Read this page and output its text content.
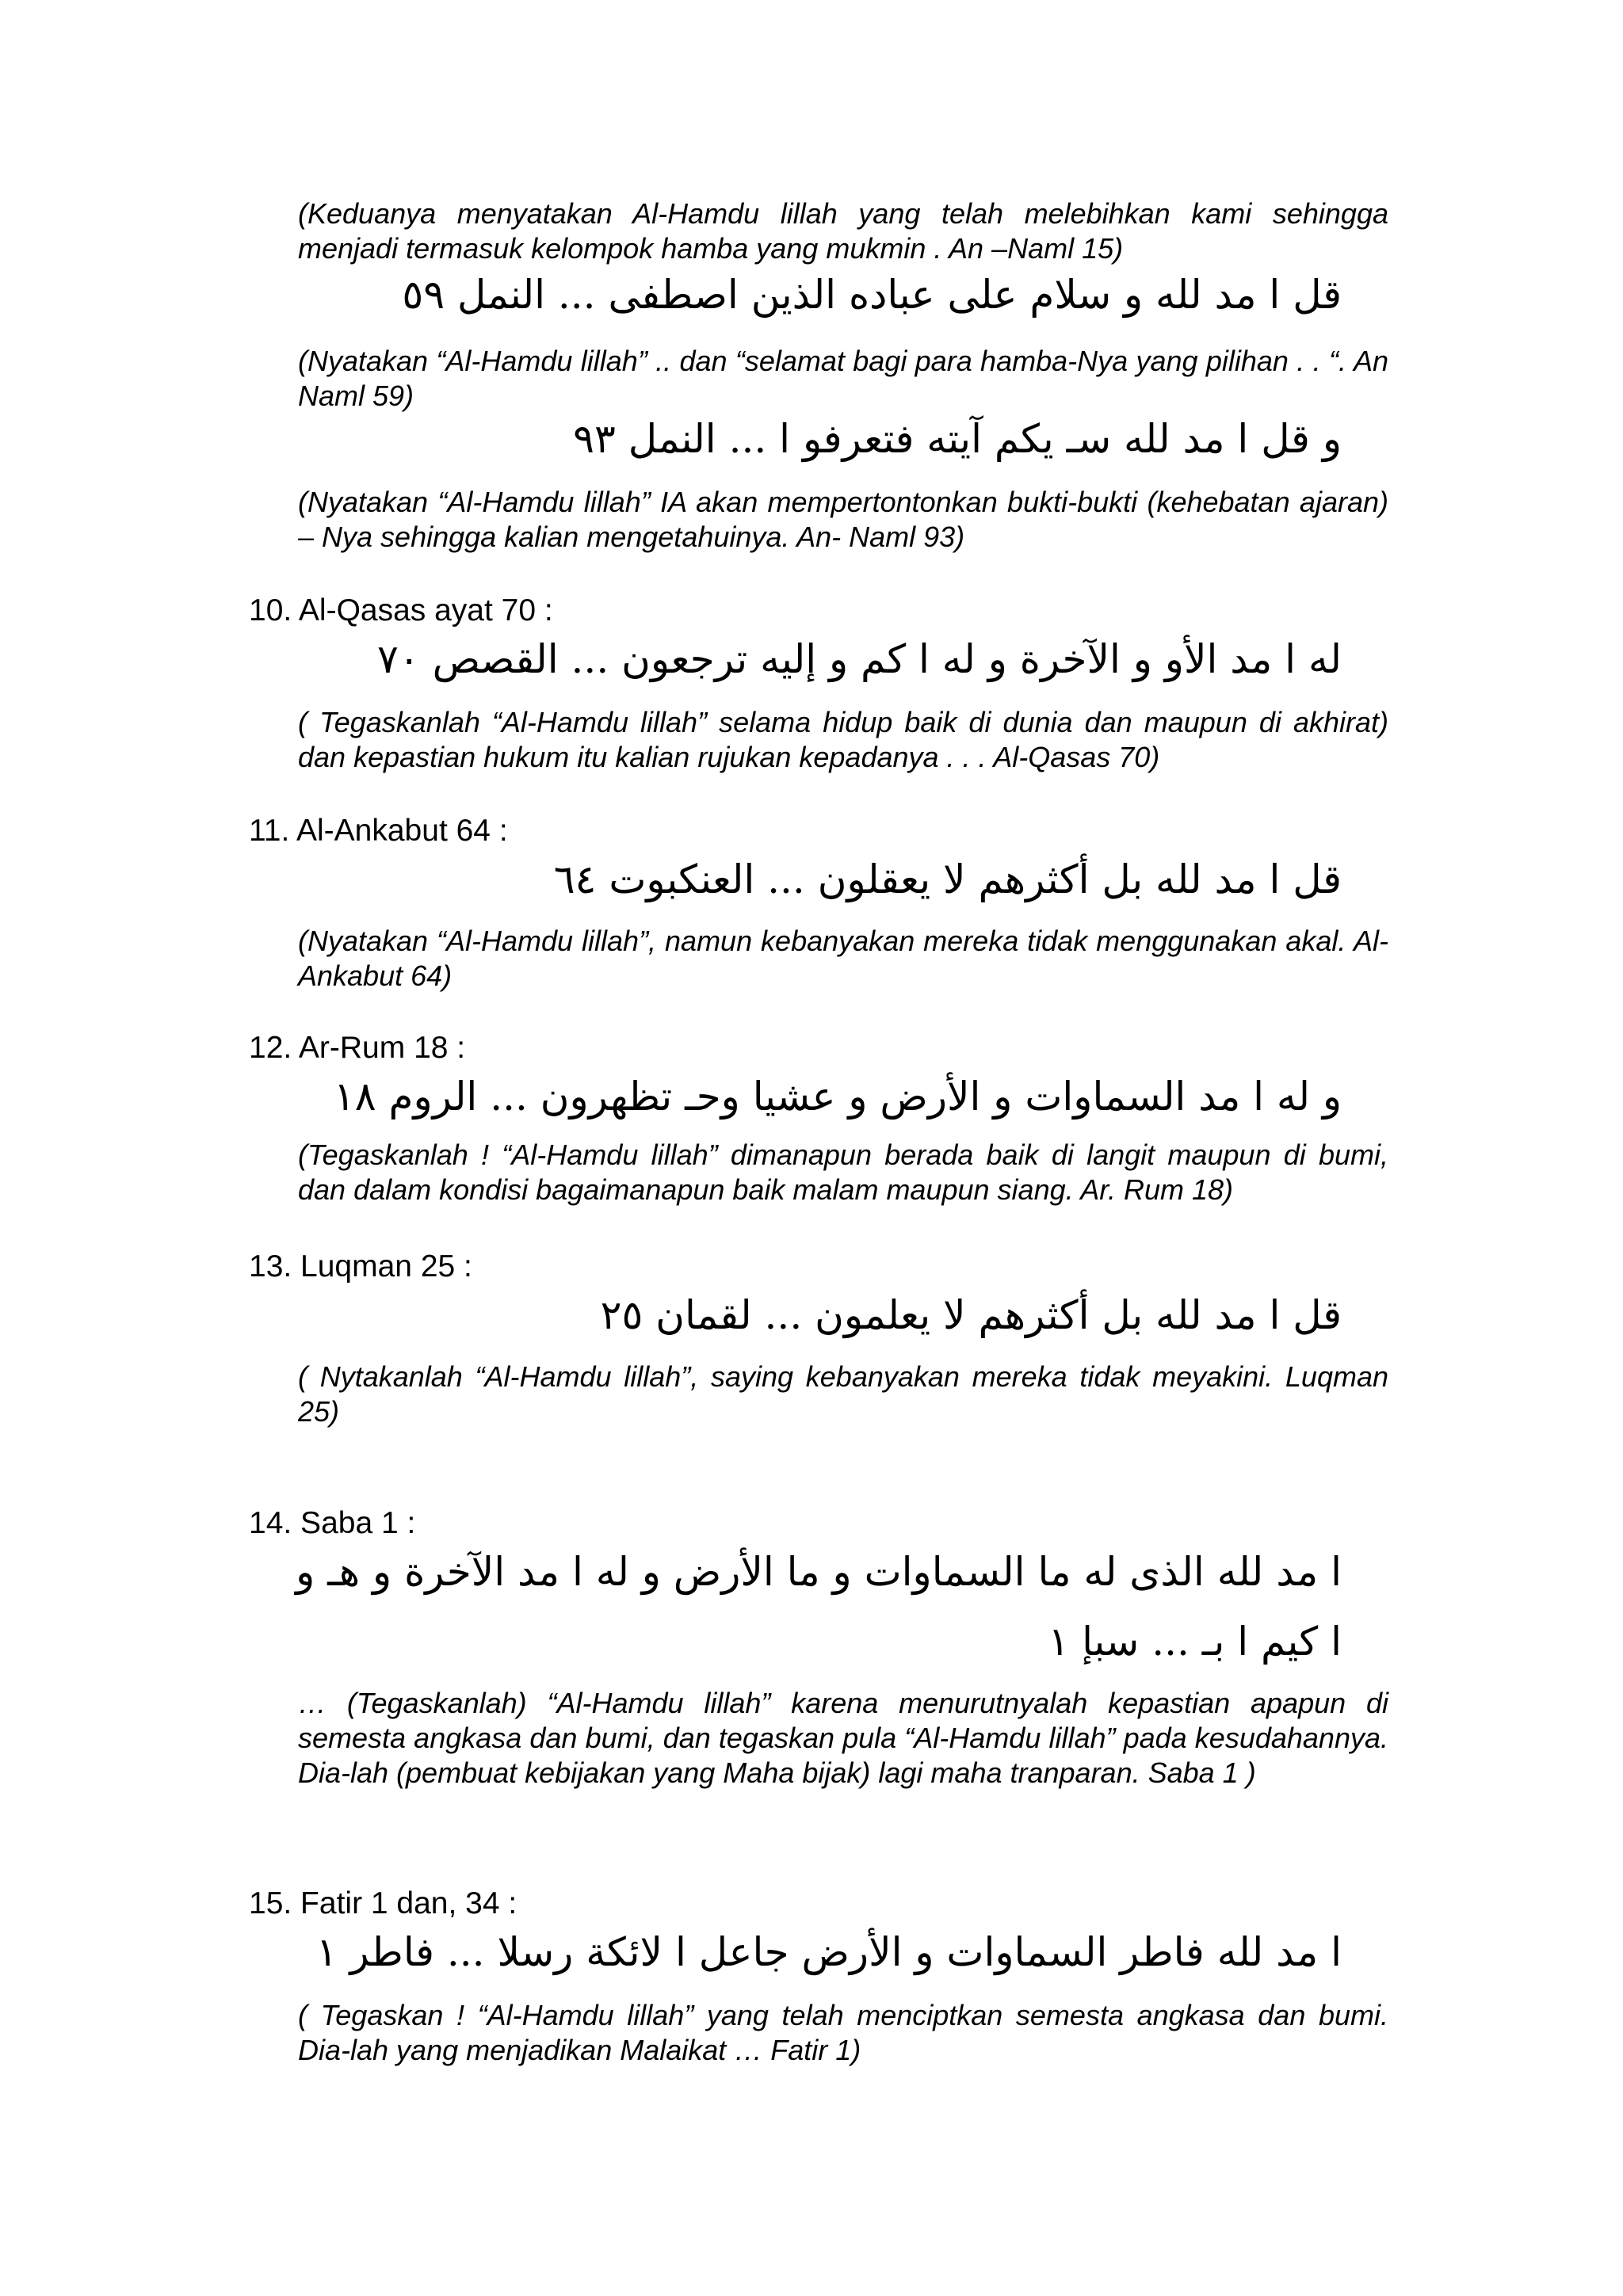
(Keduanya menyatakan Al-Hamdu lillah yang telah melebihkan kami sehingga menjadi termasuk kelompok hamba yang mukmin . An –Naml 15)
قل ا مد لله و سلام على عباده الذين اصطفى ... النمل ٥٩
(Nyatakan “Al-Hamdu lillah” .. dan “selamat bagi para hamba-Nya yang pilihan . . “. An Naml 59)
و قل ا مد لله سـ يكم آيته فتعرفو ا ... النمل ٩٣
(Nyatakan “Al-Hamdu lillah” IA akan mempertontonkan bukti-bukti (kehebatan ajaran) – Nya sehingga kalian mengetahuinya. An- Naml 93)
10. Al-Qasas ayat 70 :
له ا مد الأو و الآخرة و له ا كم و إليه ترجعون ... القصص ٧٠
( Tegaskanlah “Al-Hamdu lillah” selama hidup baik di dunia dan maupun di akhirat) dan kepastian hukum itu kalian rujukan kepadanya . . . Al-Qasas 70)
11. Al-Ankabut 64 :
قل ا مد لله بل أكثرهم لا يعقلون ... العنكبوت ٦٤
(Nyatakan “Al-Hamdu lillah”, namun kebanyakan mereka tidak menggunakan akal. Al-Ankabut 64)
12. Ar-Rum 18 :
و له ا مد السماوات و الأرض و عشيا وحـ تظهرون ... الروم ١٨
(Tegaskanlah ! “Al-Hamdu lillah” dimanapun berada baik di langit maupun di bumi, dan dalam kondisi bagaimanapun baik malam maupun siang. Ar. Rum 18)
13. Luqman 25 :
قل ا مد لله بل أكثرهم لا يعلمون ... لقمان ٢٥
( Nytakanlah “Al-Hamdu lillah”, saying kebanyakan mereka tidak meyakini. Luqman 25)
14. Saba 1 :
ا مد لله الذى له ما السماوات و ما الأرض و له ا مد الآخرة و هـ و
ا كيم ا بـ ... سبإ ١
… (Tegaskanlah) “Al-Hamdu lillah” karena menurutnyalah kepastian apapun di semesta angkasa dan bumi, dan tegaskan pula “Al-Hamdu lillah” pada kesudahannya. Dia-lah (pembuat kebijakan yang Maha bijak) lagi maha tranparan. Saba 1 )
15. Fatir 1 dan, 34 :
ا مد لله فاطر السماوات و الأرض جاعل ا لائكة رسلا ... فاطر ١
( Tegaskan ! “Al-Hamdu lillah” yang telah menciptkan semesta angkasa dan bumi. Dia-lah yang menjadikan Malaikat … Fatir 1)
